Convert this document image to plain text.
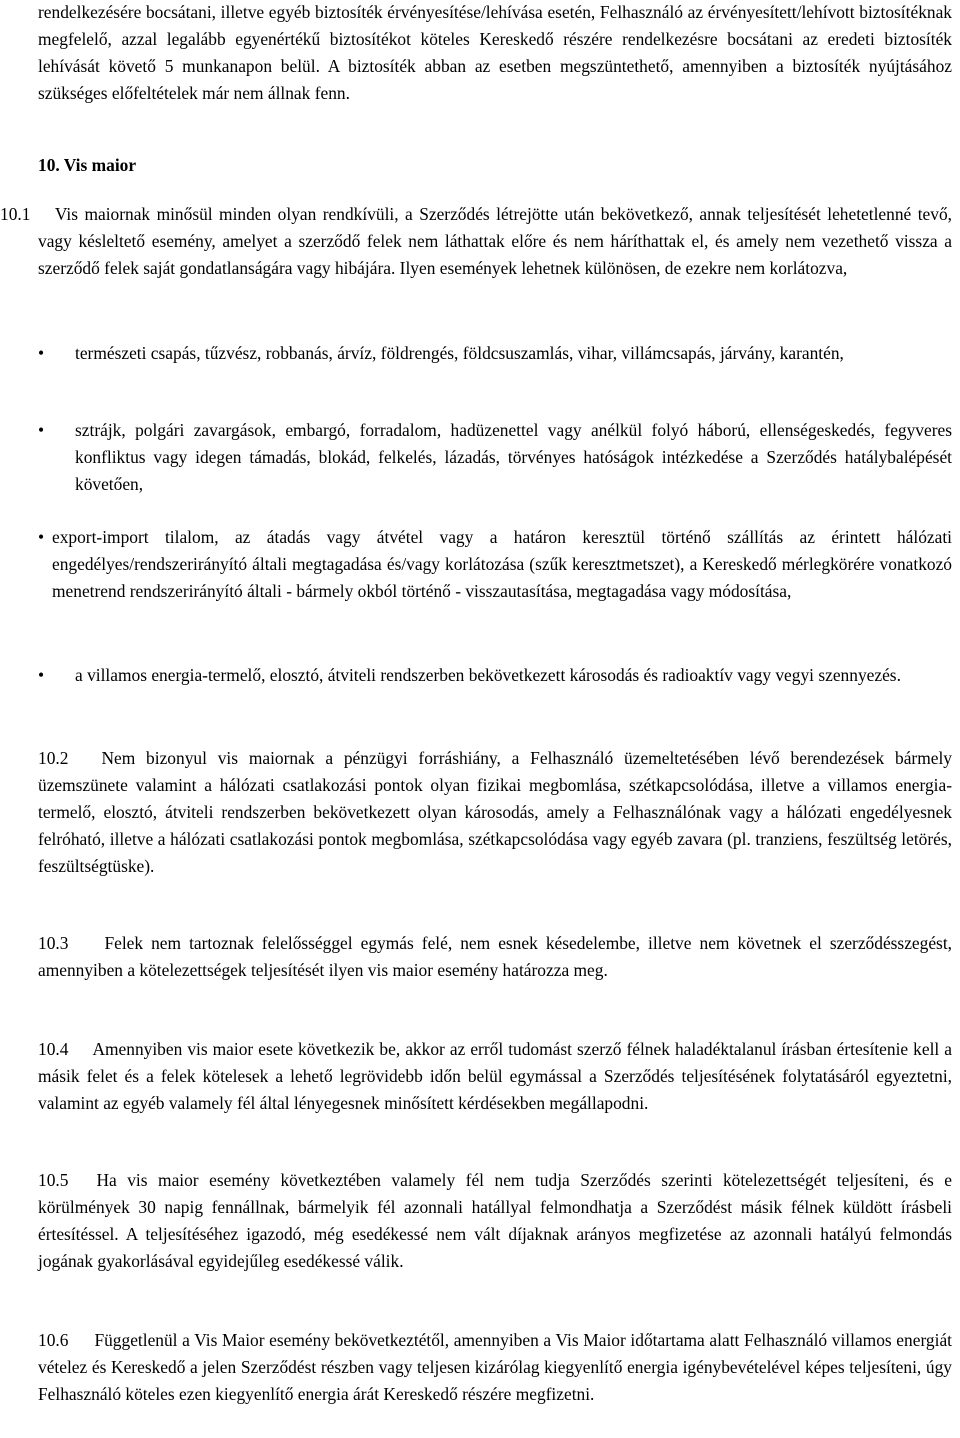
rendelkezésére bocsátani, illetve egyéb biztosíték érvényesítése/lehívása esetén, Felhasználó az érvényesített/lehívott biztosítéknak megfelelő, azzal legalább egyenértékű biztosítékot köteles Kereskedő részére rendelkezésre bocsátani az eredeti biztosíték lehívását követő 5 munkanapon belül. A biztosíték abban az esetben megszüntethető, amennyiben a biztosíték nyújtásához szükséges előfeltételek már nem állnak fenn.

10. Vis maior

10.1 Vis maiornak minősül minden olyan rendkívüli, a Szerződés létrejötte után bekövetkező, annak teljesítését lehetetlenné tevő, vagy késleltető esemény, amelyet a szerződő felek nem láthattak előre és nem háríthattak el, és amely nem vezethető vissza a szerződő felek saját gondatlanságára vagy hibájára. Ilyen események lehetnek különösen, de ezekre nem korlátozva,

•	természeti csapás, tűzvész, robbanás, árvíz, földrengés, földcsuszamlás, vihar, villámcsapás, járvány, karantén,
•	sztrájk, polgári zavargások, embargó, forradalom, hadüzenettel vagy anélkül folyó háború, ellenségeskedés, fegyveres konfliktus vagy idegen támadás, blokád, felkelés, lázadás, törvényes hatóságok intézkedése a Szerződés hatálybalépését követően,
• export-import tilalom, az átadás vagy átvétel vagy a határon keresztül történő szállítás az érintett hálózati engedélyes/rendszerirányító általi megtagadása és/vagy korlátozása (szűk keresztmetszet), a Kereskedő mérlegkörére vonatkozó menetrend rendszerirányító általi - bármely okból történő - visszautasítása, megtagadása vagy módosítása,
•	a villamos energia-termelő, elosztó, átviteli rendszerben bekövetkezett károsodás és radioaktív vagy vegyi szennyezés.

10.2 Nem bizonyul vis maiornak a pénzügyi forráshiány, a Felhasználó üzemeltetésében lévő berendezések bármely üzemszünete valamint a hálózati csatlakozási pontok olyan fizikai megbomlása, szétkapcsolódása, illetve a villamos energia-termelő, elosztó, átviteli rendszerben bekövetkezett olyan károsodás, amely a Felhasználónak vagy a hálózati engedélyesnek felróható, illetve a hálózati csatlakozási pontok megbomlása, szétkapcsolódása vagy egyéb zavara (pl. tranziens, feszültség letörés, feszültségtüske).

10.3 Felek nem tartoznak felelősséggel egymás felé, nem esnek késedelembe, illetve nem követnek el szerződésszegést, amennyiben a kötelezettségek teljesítését ilyen vis maior esemény határozza meg.

10.4 Amennyiben vis maior esete következik be, akkor az erről tudomást szerző félnek haladéktalanul írásban értesítenie kell a másik felet és a felek kötelesek a lehető legrövidebb időn belül egymással a Szerződés teljesítésének folytatásáról egyeztetni, valamint az egyéb valamely fél által lényegesnek minősített kérdésekben megállapodni.

10.5 Ha vis maior esemény következtében valamely fél nem tudja Szerződés szerinti kötelezettségét teljesíteni, és e körülmények 30 napig fennállnak, bármelyik fél azonnali hatállyal felmondhatja a Szerződést másik félnek küldött írásbeli értesítéssel. A teljesítéséhez igazodó, még esedékessé nem vált díjaknak arányos megfizetése az azonnali hatályú felmondás jogának gyakorlásával egyidejűleg esedékessé válik.

10.6 Függetlenül a Vis Maior esemény bekövetkeztétől, amennyiben a Vis Maior időtartama alatt Felhasználó villamos energiát vételez és Kereskedő a jelen Szerződést részben vagy teljesen kizárólag kiegyenlítő energia igénybevételével képes teljesíteni, úgy Felhasználó köteles ezen kiegyenlítő energia árát Kereskedő részére megfizetni.
